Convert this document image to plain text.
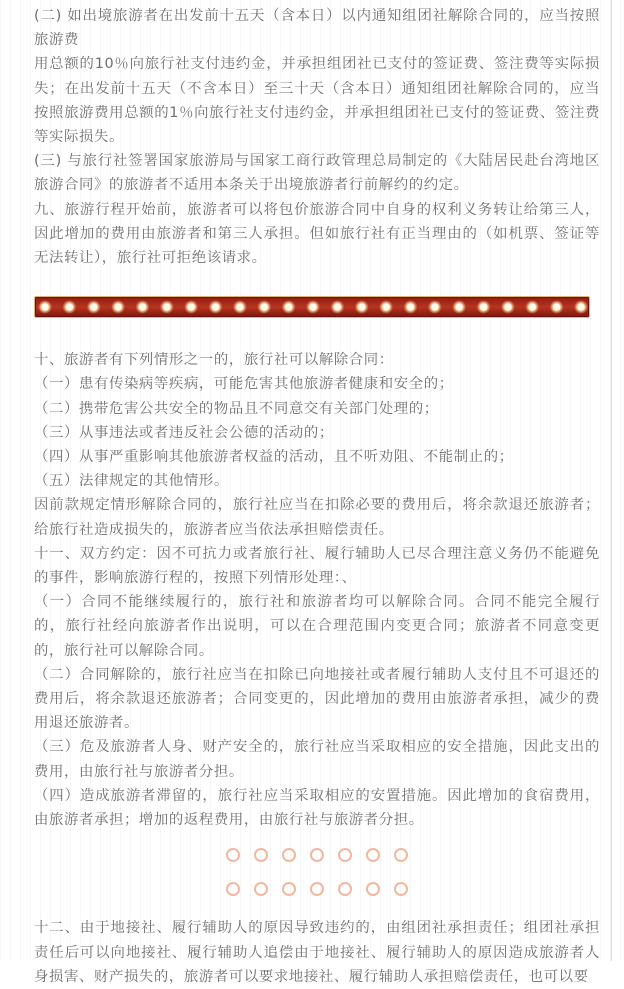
(二) 如出境旅游者在出发前十五天（含本日）以内通知组团社解除合同的，应当按照旅游费

用总额的10％向旅行社支付违约金，并承担组团社已支付的签证费、签注费等实际损失；在出发前十五天（不含本日）至三十天（含本日）通知组团社解除合同的，应当按照旅游费用总额的1％向旅行社支付违约金，并承担组团社已支付的签证费、签注费等实际损失。

(三) 与旅行社签署国家旅游局与国家工商行政管理总局制定的《大陆居民赴台湾地区旅游合同》的旅游者不适用本条关于出境旅游者行前解约的约定。

九、旅游行程开始前，旅游者可以将包价旅游合同中自身的权利义务转让给第三人，因此增加的费用由旅游者和第三人承担。但如旅行社有正当理由的（如机票、签证等无法转让），旅行社可拒绝该请求。

十、旅游者有下列情形之一的，旅行社可以解除合同：

（一）患有传染病等疾病，可能危害其他旅游者健康和安全的；

（二）携带危害公共安全的物品且不同意交有关部门处理的；

（三）从事违法或者违反社会公德的活动的；

（四）从事严重影响其他旅游者权益的活动，且不听劝阻、不能制止的；

（五）法律规定的其他情形。

因前款规定情形解除合同的，旅行社应当在扣除必要的费用后，将余款退还旅游者；给旅行社造成损失的，旅游者应当依法承担赔偿责任。

十一、双方约定：因不可抗力或者旅行社、履行辅助人已尽合理注意义务仍不能避免的事件，影响旅游行程的，按照下列情形处理：、

（一）合同不能继续履行的，旅行社和旅游者均可以解除合同。合同不能完全履行的，旅行社经向旅游者作出说明，可以在合理范围内变更合同；旅游者不同意变更的，旅行社可以解除合同。

（二）合同解除的，旅行社应当在扣除已向地接社或者履行辅助人支付且不可退还的费用后，将余款退还旅游者；合同变更的，因此增加的费用由旅游者承担，减少的费用退还旅游者。

（三）危及旅游者人身、财产安全的，旅行社应当采取相应的安全措施，因此支出的费用，由旅行社与旅游者分担。

（四）造成旅游者滞留的，旅行社应当采取相应的安置措施。因此增加的食宿费用，由旅游者承担；增加的返程费用，由旅行社与旅游者分担。

十二、由于地接社、履行辅助人的原因导致违约的，由组团社承担责任；组团社承担责任后可以向地接社、履行辅助人追偿由于地接社、履行辅助人的原因造成旅游者人身损害、财产损失的，旅游者可以要求地接社、履行辅助人承担赔偿责任，也可以要
